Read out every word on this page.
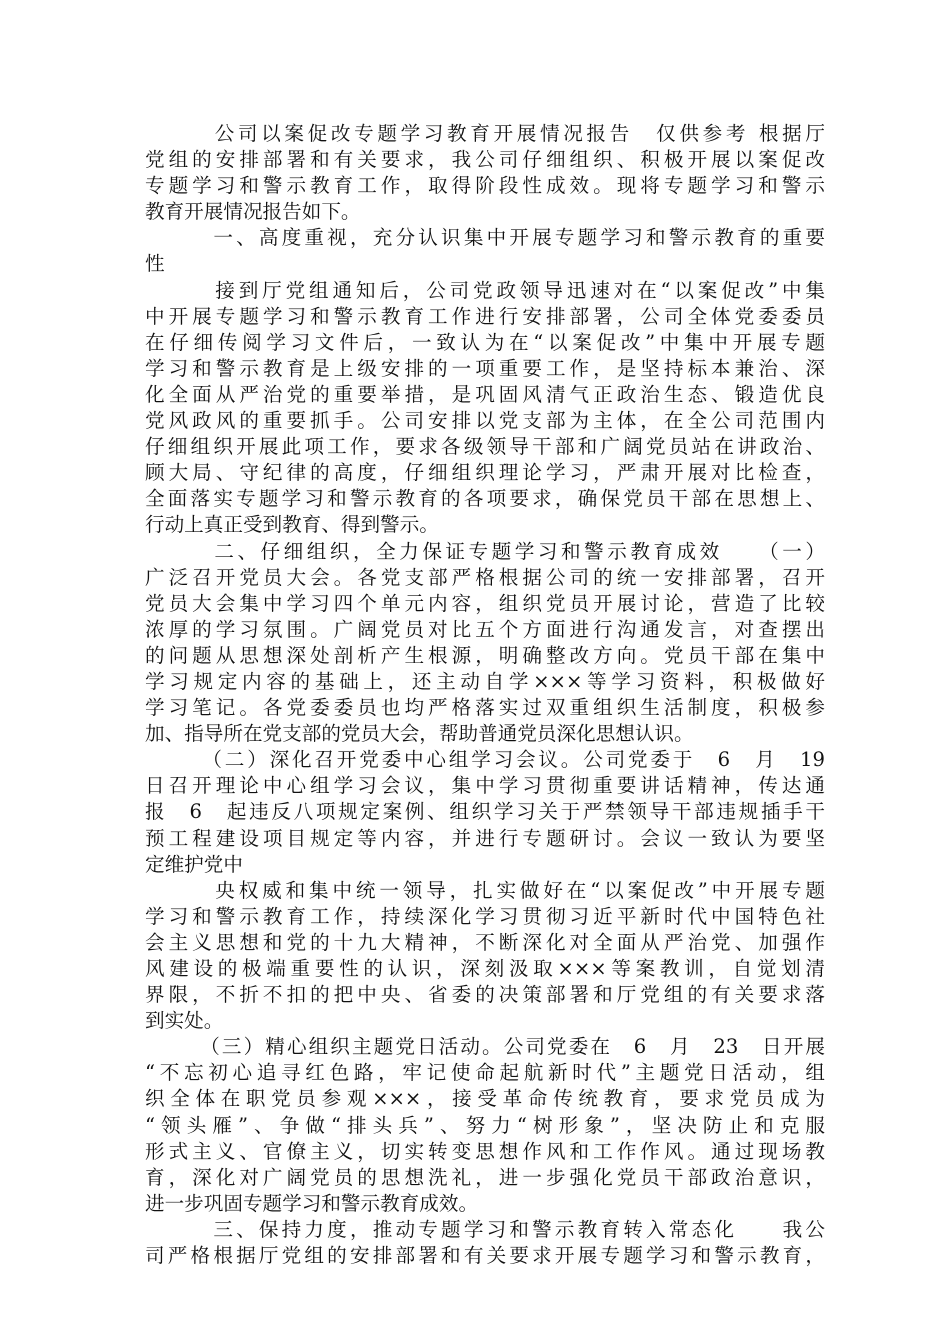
　　　公司以案促改专题学习教育开展情况报告　仅供参考 根据厅
党组的安排部署和有关要求，我公司仔细组织、积极开展以案促改
专题学习和警示教育工作，取得阶段性成效。现将专题学习和警示
教育开展情况报告如下。
　　　一、高度重视，充分认识集中开展专题学习和警示教育的重要
性
　　　接到厅党组通知后，公司党政领导迅速对在“以案促改”中集
中开展专题学习和警示教育工作进行安排部署，公司全体党委委员
在仔细传阅学习文件后，一致认为在“以案促改”中集中开展专题
学习和警示教育是上级安排的一项重要工作，是坚持标本兼治、深
化全面从严治党的重要举措，是巩固风清气正政治生态、锻造优良
党风政风的重要抓手。公司安排以党支部为主体，在全公司范围内
仔细组织开展此项工作，要求各级领导干部和广阔党员站在讲政治、
顾大局、守纪律的高度，仔细组织理论学习，严肃开展对比检查，
全面落实专题学习和警示教育的各项要求，确保党员干部在思想上、
行动上真正受到教育、得到警示。
　　　二、仔细组织，全力保证专题学习和警示教育成效　　（一）
广泛召开党员大会。各党支部严格根据公司的统一安排部署，召开
党员大会集中学习四个单元内容，组织党员开展讨论，营造了比较
浓厚的学习氛围。广阔党员对比五个方面进行沟通发言，对查摆出
的问题从思想深处剖析产生根源，明确整改方向。党员干部在集中
学习规定内容的基础上，还主动自学×××等学习资料，积极做好
学习笔记。各党委委员也均严格落实过双重组织生活制度，积极参
加、指导所在党支部的党员大会，帮助普通党员深化思想认识。
　　　（二）深化召开党委中心组学习会议。公司党委于　6　月　19
日召开理论中心组学习会议，集中学习贯彻重要讲话精神，传达通
报　6　起违反八项规定案例、组织学习关于严禁领导干部违规插手干
预工程建设项目规定等内容，并进行专题研讨。会议一致认为要坚
定维护党中
　　　央权威和集中统一领导，扎实做好在“以案促改”中开展专题
学习和警示教育工作，持续深化学习贯彻习近平新时代中国特色社
会主义思想和党的十九大精神，不断深化对全面从严治党、加强作
风建设的极端重要性的认识，深刻汲取×××等案教训，自觉划清
界限，不折不扣的把中央、省委的决策部署和厅党组的有关要求落
到实处。
　　　（三）精心组织主题党日活动。公司党委在　6　月　23　日开展
“不忘初心追寻红色路，牢记使命起航新时代”主题党日活动，组
织全体在职党员参观×××，接受革命传统教育，要求党员成为
“领头雁”、争做“排头兵”、努力“树形象”，坚决防止和克服
形式主义、官僚主义，切实转变思想作风和工作作风。通过现场教
育，深化对广阔党员的思想洗礼，进一步强化党员干部政治意识，
进一步巩固专题学习和警示教育成效。
　　　三、保持力度，推动专题学习和警示教育转入常态化　　我公
司严格根据厅党组的安排部署和有关要求开展专题学习和警示教育，
